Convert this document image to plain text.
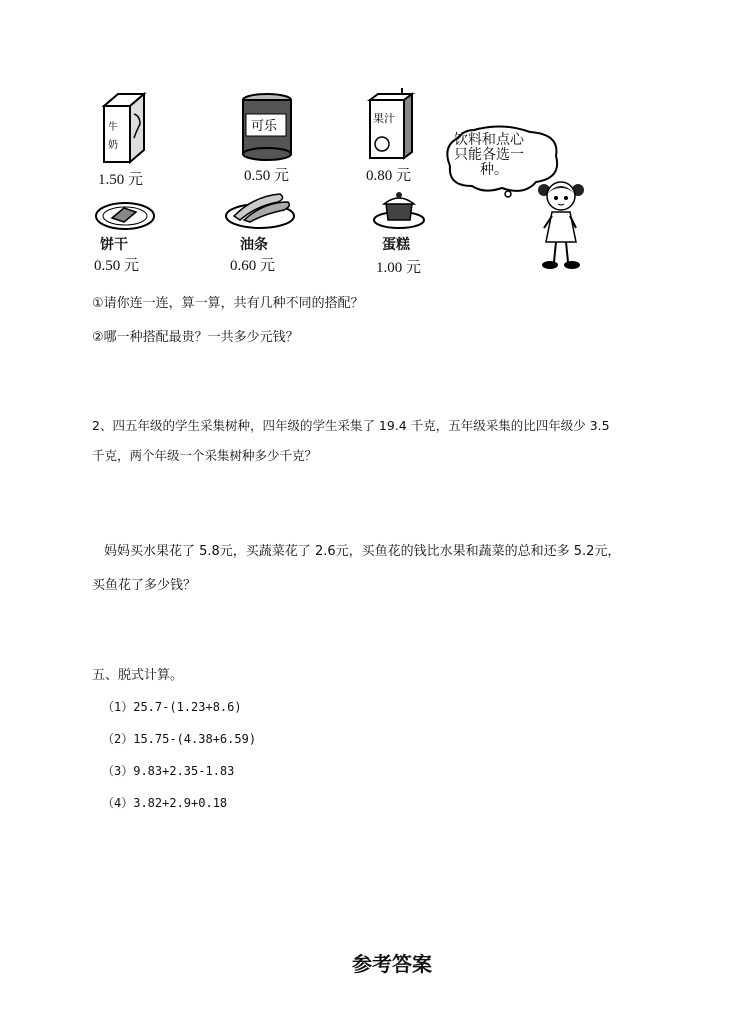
牛
奶
1.50 元
可乐
0.50 元
果汁
0.80 元
饮料和点心
只能各选一
种。
饼干
0.50 元
油条
0.60 元
蛋糕
1.00 元
①请你连一连，算一算，共有几种不同的搭配？
②哪一种搭配最贵？一共多少元钱？
2、四五年级的学生采集树种，四年级的学生采集了 19.4 千克，五年级采集的比四年级少 3.5
千克，两个年级一个采集树种多少千克？
妈妈买水果花了 5.8元，买蔬菜花了 2.6元，买鱼花的钱比水果和蔬菜的总和还多 5.2元，
买鱼花了多少钱？
五、脱式计算。
（1）25.7-(1.23+8.6)
（2）15.75-(4.38+6.59)
（3）9.83+2.35-1.83
（4）3.82+2.9+0.18
参考答案
